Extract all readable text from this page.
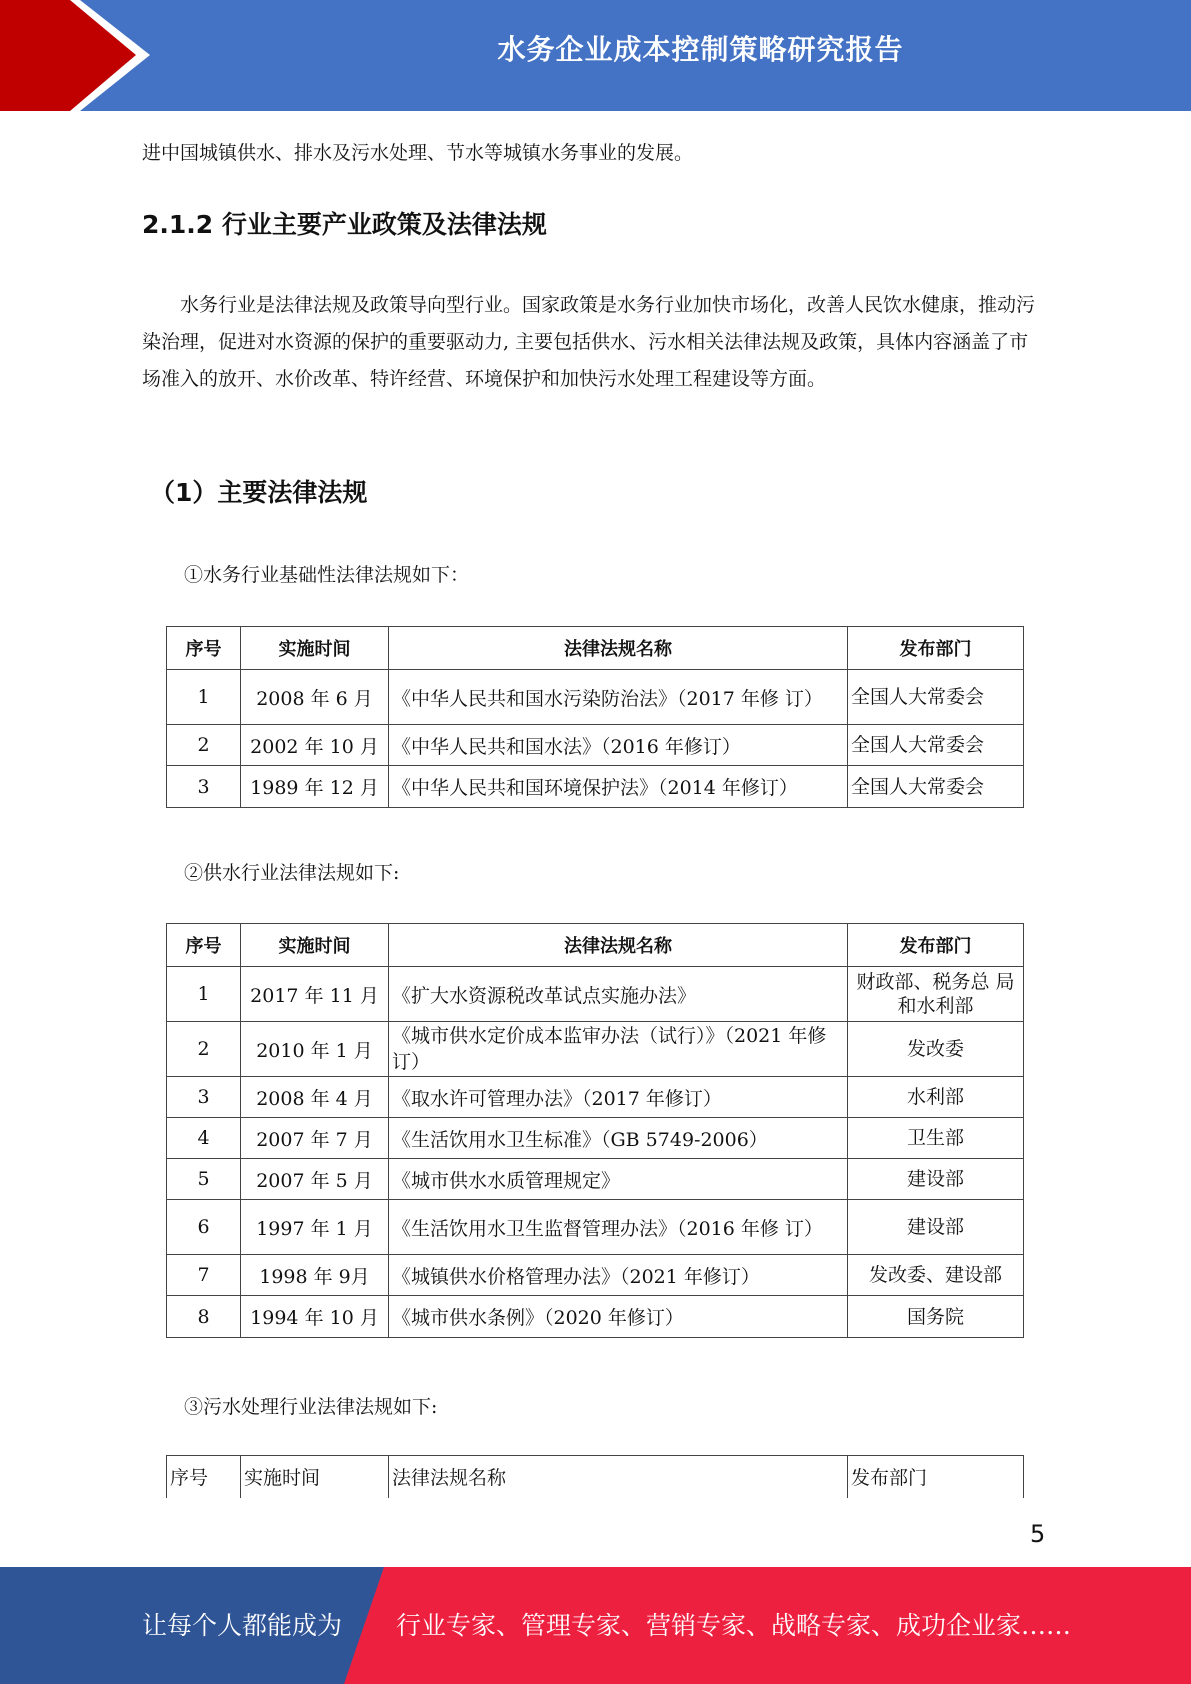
水务企业成本控制策略研究报告

进中国城镇供水、排水及污水处理、节水等城镇水务事业的发展。

2.1.2 行业主要产业政策及法律法规

水务行业是法律法规及政策导向型行业。国家政策是水务行业加快市场化，改善人民饮水健康，推动污染治理，促进对水资源的保护的重要驱动力, 主要包括供水、污水相关法律法规及政策，具体内容涵盖了市场准入的放开、水价改革、特许经营、环境保护和加快污水处理工程建设等方面。

（1）主要法律法规

①水务行业基础性法律法规如下：

序号	实施时间	法律法规名称	发布部门
1	2008 年 6 月	《中华人民共和国水污染防治法》（2017 年修 订）	全国人大常委会
2	2002 年 10 月	《中华人民共和国水法》（2016 年修订）	全国人大常委会
3	1989 年 12 月	《中华人民共和国环境保护法》（2014 年修订）	全国人大常委会

②供水行业法律法规如下:

序号	实施时间	法律法规名称	发布部门
1	2017 年 11 月	《扩大水资源税改革试点实施办法》	财政部、税务总 局和水利部
2	2010 年 1 月	《城市供水定价成本监审办法（试行）》（2021 年修订）	发改委
3	2008 年 4 月	《取水许可管理办法》（2017 年修订）	水利部
4	2007 年 7 月	《生活饮用水卫生标准》（GB 5749-2006）	卫生部
5	2007 年 5 月	《城市供水水质管理规定》	建设部
6	1997 年 1 月	《生活饮用水卫生监督管理办法》（2016 年修 订）	建设部
7	1998 年 9月	《城镇供水价格管理办法》（2021 年修订）	发改委、建设部
8	1994 年 10 月	《城市供水条例》（2020 年修订）	国务院

③污水处理行业法律法规如下:

序号	实施时间	法律法规名称	发布部门
5
让每个人都能成为 行业专家、管理专家、营销专家、战略专家、成功企业家……
